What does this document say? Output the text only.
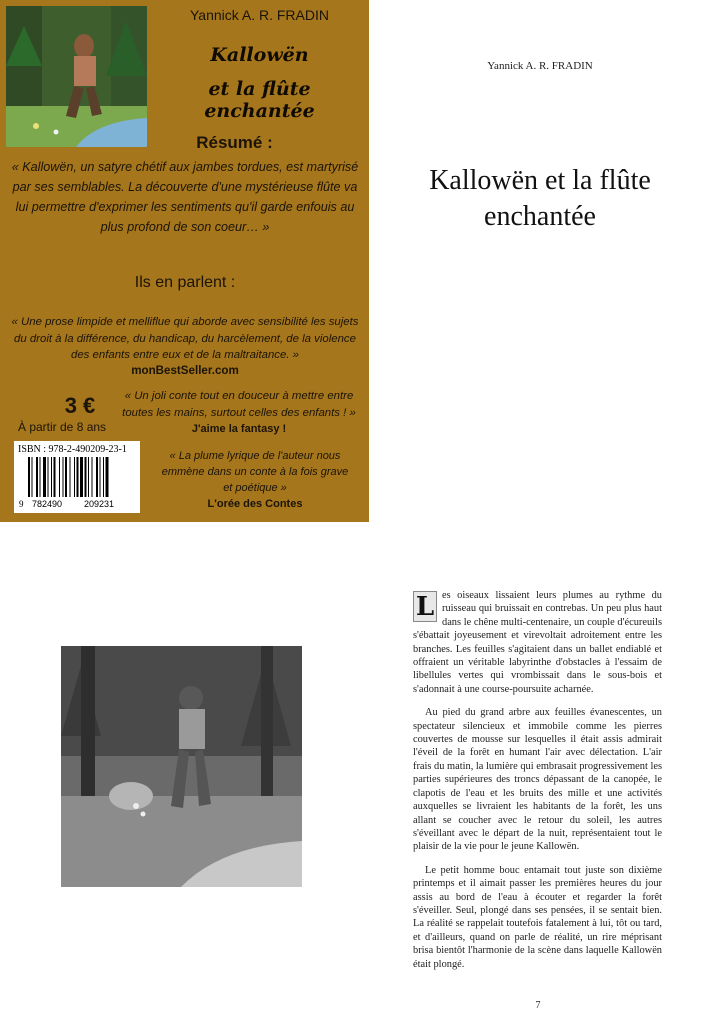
Yannick A. R. FRADIN
Kallowën
et la flûte enchantée
Résumé :
« Kallowën, un satyre chétif aux jambes tordues, est martyrisé par ses semblables. La découverte d'une mystérieuse flûte va lui permettre d'exprimer les sentiments qu'il garde enfouis au plus profond de son coeur… »
Ils en parlent :
« Une prose limpide et melliflue qui aborde avec sensibilité les sujets du droit à la différence, du handicap, du harcèlement, de la violence des enfants entre eux et de la maltraitance. »
monBestSeller.com
3 €
À partir de 8 ans
« Un joli conte tout en douceur à mettre entre toutes les mains, surtout celles des enfants ! »
J'aime la fantasy !
« La plume lyrique de l'auteur nous emmène dans un conte à la fois grave et poétique »
L'orée des Contes
ISBN : 978-2-490209-23-1
9 782490 209231
Yannick A. R. FRADIN
Kallowën et la flûte enchantée

L es oiseaux lissaient leurs plumes au rythme du ruisseau qui bruissait en contrebas. Un peu plus haut dans le chêne multi-centenaire, un couple d'écureuils s'ébattait joyeusement et virevoltait adroitement entre les branches. Les feuilles s'agitaient dans un ballet endiablé et offraient un véritable labyrinthe d'obstacles à l'essaim de libellules vertes qui vrombissait dans le sous-bois et s'adonnait à une course-poursuite acharnée.

Au pied du grand arbre aux feuilles évanescentes, un spectateur silencieux et immobile comme les pierres couvertes de mousse sur lesquelles il était assis admirait l'éveil de la forêt en humant l'air avec délectation. L'air frais du matin, la lumière qui embrasait progressivement les parties supérieures des troncs dépassant de la canopée, le clapotis de l'eau et les bruits des mille et une activités auxquelles se livraient les habitants de la forêt, les uns allant se coucher avec le retour du soleil, les autres s'éveillant avec le départ de la nuit, représentaient tout le plaisir de la vie pour le jeune Kallowën.

Le petit homme bouc entamait tout juste son dixième printemps et il aimait passer les premières heures du jour assis au bord de l'eau à écouter et regarder la forêt s'éveiller. Seul, plongé dans ses pensées, il se sentait bien. La réalité se rappelait toutefois fatalement à lui, tôt ou tard, et d'ailleurs, quand on parle de réalité, un rire méprisant brisa bientôt l'harmonie de la scène dans laquelle Kallowën était plongé.

7
